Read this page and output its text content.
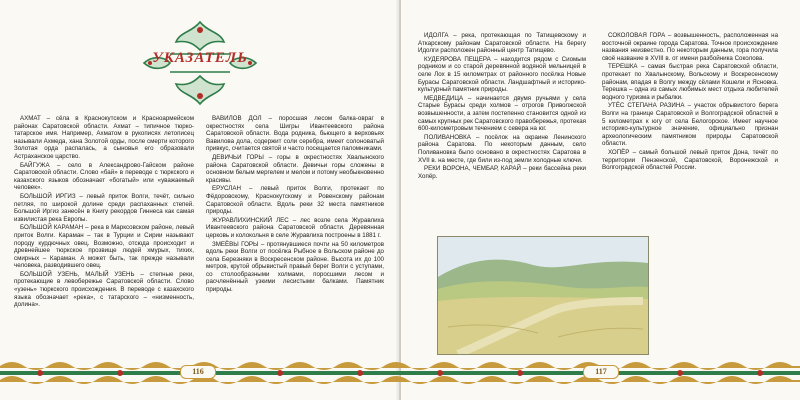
УКАЗАТЕЛЬ

АХМАТ – сёла в Краснокутском и Красноармейском районах Саратовской области. Ахмат – типичное тюрко-татарское имя. Например, Ахматом в рукописях летописец называли Ахмеда, хана Золотой орды, после смерти которого Золотая орда распалась, а сыновья его образовали Астраханское царство.

БАЙГУЖА – село в Александрово-Гайском районе Саратовской области. Слово «бай» в переводе с тюркского и казахского языков обозначает «богатый» или «уважаемый человек».

БОЛЬШОЙ ИРГИЗ – левый приток Волги, течёт, сильно петляя, по широкой долине среди распаханных степей. Большой Иргиз занесён в Книгу рекордов Гиннеса как самая извилистая река Европы.

БОЛЬШОЙ КАРАМАН – река в Марксовском районе, левый приток Волги. Караман – так в Турции и Сирии называют породу курдючных овец. Возможно, отсюда происходит и древнейшее тюркское прозвище людей хмурых, тихих, смирных – Караман. А может быть, так прежде называли человека, разводившего овец.

БОЛЬШОЙ УЗЕНЬ, МАЛЫЙ УЗЕНЬ – степные реки, протекающие в левобережье Саратовской области. Слово «узень» тюркского происхождения. В переводе с казахского языка обозначает «река», с татарского – «низменность, долина».

ВАВИЛОВ ДОЛ – поросшая лесом балка-овраг в окрестностях села Шигры Ивантеевского района Саратовской области. Вода родника, бьющего в верховьях Вавилова дола, содержит соли серебра, имеет солоноватый привкус, считается святой и часто посещается паломниками.

ДЕВИЧЬИ ГОРЫ – горы в окрестностях Хвалынского района Саратовской области. Девичьи горы сложены в основном белым мергелем и мелом и потому необыкновенно красивы.

ЕРУСЛАН – левый приток Волги, протекает по Фёдоровскому, Краснокутскому и Ровенскому районам Саратовской области. Вдоль реки 32 места памятников природы.

ЖУРАВЛИХИНСКИЙ ЛЕС – лес возле села Журавлиха Ивантеевского района Саратовской области. Деревянная церковь и колокольня в селе Журавлиха построены в 1881 г.

ЗМЕЁВЫ ГОРЫ – протянувшиеся почти на 50 километров вдоль реки Волги от посёлка Рыбное в Вольском районе до села Березняки в Воскресенском районе. Высота их до 100 метров, крутой обрывистый правый берег Волги с уступами, со столообразными холмами, поросшими лесом и расчленённый узкими лесистыми балками. Памятник природы.

ИДОЛГА – река, протекающая по Татищевскому и Аткарскому районам Саратовской области. На берегу Идолги расположен районный центр Татищево.

КУДЕЯРОВА ПЕЩЕРА – находится рядом с Сиомым родником и со старой деревянной водяной мельницей в селе Лох в 15 километрах от районного посёлка Новые Бурасы Саратовской области. Ландшафтный и историко-культурный памятник природы.

МЕДВЕДИЦА – начинается двумя ручьями у села Старые Бурасы среди холмов – отрогов Приволжской возвышенности, а затем постепенно становится одной из самых крупных рек Саратовского правобережья, протекая 600-километровым течением с севера на юг.

ПОЛИВАНОВКА – посёлок на окраине Ленинского района Саратова. По некоторым данным, село Поливановка было основано в окрестностях Саратова в XVII в. на месте, где били из-под земли холодные ключи.

РЕКИ ВОРОНА, ЧЕМБАР, КАРАЙ – реки бассейна реки Хопёр.

СОКОЛОВАЯ ГОРА – возвышенность, расположенная на восточной окраине города Саратова. Точное происхождение названия неизвестно. По некоторым данным, гора получила своё название в XVIII в. от имени разбойника Соколова.

ТЕРЕШКА – самая быстрая река Саратовской области, протекает по Хвалынскому, Вольскому и Воскресенскому районам, впадая в Волгу между сёлами Кошели и Ясновка. Терешка – одна из самых любимых мест отдыха любителей водного туризма и рыбалки.

УТЁС СТЕПАНА РАЗИНА – участок обрывистого берега Волги на границе Саратовской и Волгоградской областей в 5 километрах к югу от села Белогорское. Имеет научное историко-культурное значение, официально признан археологическим памятником природы Саратовской области.

ХОПЁР – самый большой левый приток Дона, течёт по территории Пензенской, Саратовской, Воронежской и Волгоградской областей России.

116	117
